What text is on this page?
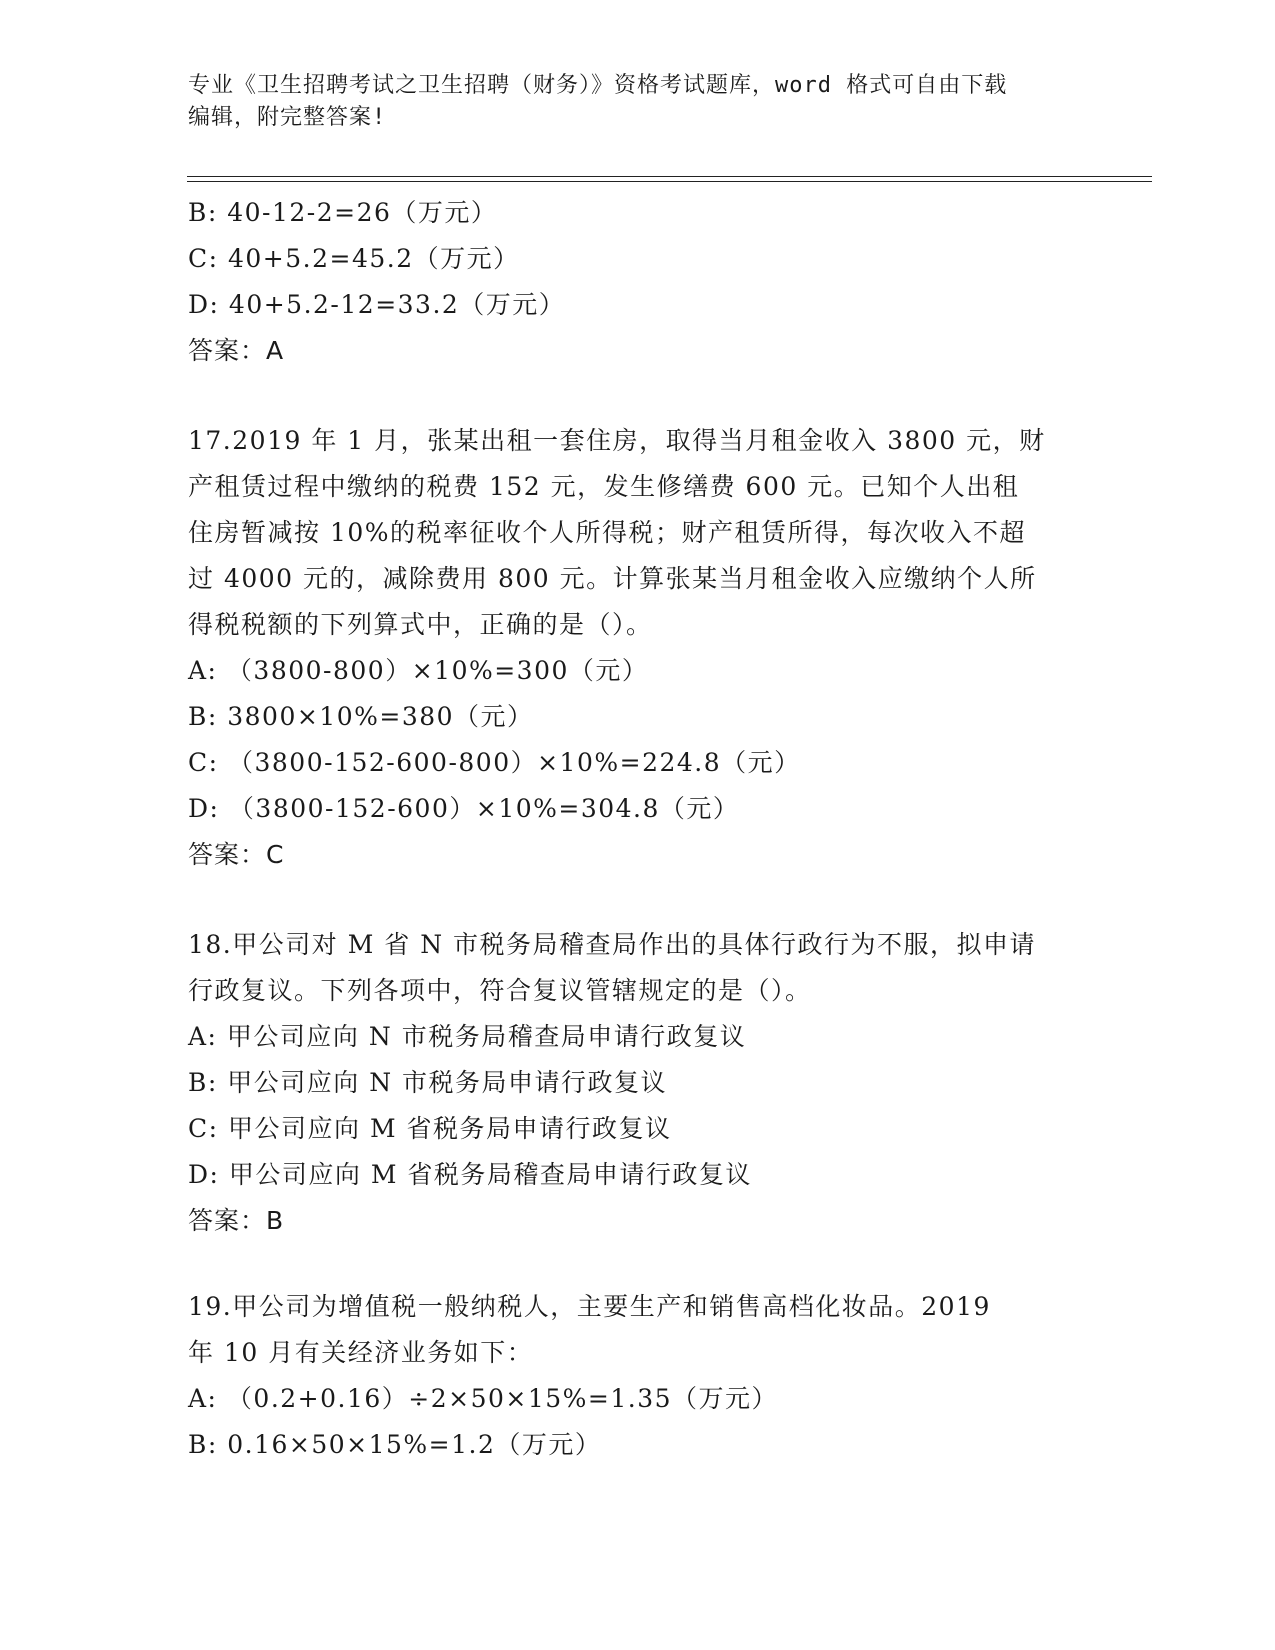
专业《卫生招聘考试之卫生招聘（财务）》资格考试题库，word 格式可自由下载
编辑，附完整答案!
B: 40-12-2=26（万元）
C: 40+5.2=45.2（万元）
D: 40+5.2-12=33.2（万元）
答案：A
17.2019 年 1 月，张某出租一套住房，取得当月租金收入 3800 元，财
产租赁过程中缴纳的税费 152 元，发生修缮费 600 元。已知个人出租
住房暂减按 10%的税率征收个人所得税；财产租赁所得，每次收入不超
过 4000 元的，减除费用 800 元。计算张某当月租金收入应缴纳个人所
得税税额的下列算式中，正确的是（）。
A: （3800-800）×10%=300（元）
B: 3800×10%=380（元）
C: （3800-152-600-800）×10%=224.8（元）
D: （3800-152-600）×10%=304.8（元）
答案：C
18.甲公司对 M 省 N 市税务局稽查局作出的具体行政行为不服，拟申请
行政复议。下列各项中，符合复议管辖规定的是（）。
A: 甲公司应向 N 市税务局稽查局申请行政复议
B: 甲公司应向 N 市税务局申请行政复议
C: 甲公司应向 M 省税务局申请行政复议
D: 甲公司应向 M 省税务局稽查局申请行政复议
答案：B
19.甲公司为增值税一般纳税人，主要生产和销售高档化妆品。2019
年 10 月有关经济业务如下：
A: （0.2+0.16）÷2×50×15%=1.35（万元）
B: 0.16×50×15%=1.2（万元）
